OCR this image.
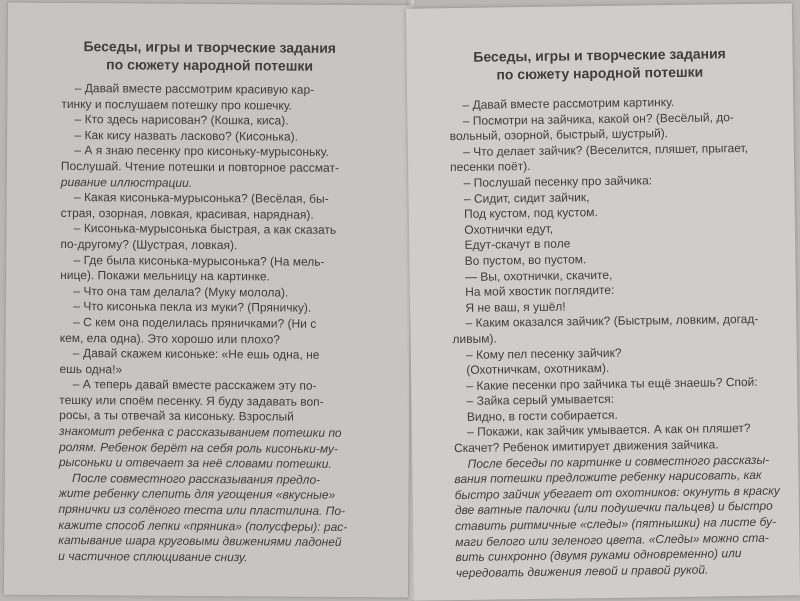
Беседы, игры и творческие задания
по сюжету народной потешки

– Давай вместе рассмотрим красивую кар-
тинку и послушаем потешку про кошечку.
– Кто здесь нарисован? (Кошка, киса).
– Как кису назвать ласково? (Кисонька).
– А я знаю песенку про кисоньку-мурысоньку.
Послушай. Чтение потешки и повторное рассмат-
ривание иллюстрации.
– Какая кисонька-мурысонька? (Весёлая, бы-
страя, озорная, ловкая, красивая, нарядная).
– Кисонька-мурысонька быстрая, а как сказать
по-другому? (Шустрая, ловкая).
– Где была кисонька-мурысонька? (На мель-
нице). Покажи мельницу на картинке.
– Что она там делала? (Муку молола).
– Что кисонька пекла из муки? (Пряничку).
– С кем она поделилась пряничками? (Ни с
кем, ела одна). Это хорошо или плохо?
– Давай скажем кисоньке: «Не ешь одна, не
ешь одна!»
– А теперь давай вместе расскажем эту по-
тешку или споём песенку. Я буду задавать воп-
росы, а ты отвечай за кисоньку. Взрослый
знакомит ребенка с рассказыванием потешки по
ролям. Ребенок берёт на себя роль кисоньки-му-
рысоньки и отвечает за неё словами потешки.
После совместного рассказывания предло-
жите ребенку слепить для угощения «вкусные»
прянички из солёного теста или пластилина. По-
кажите способ лепки «пряника» (полусферы): рас-
катывание шара круговыми движениями ладоней
и частичное сплющивание снизу.

Беседы, игры и творческие задания
по сюжету народной потешки

– Давай вместе рассмотрим картинку.
– Посмотри на зайчика, какой он? (Весёлый, до-
вольный, озорной, быстрый, шустрый).
– Что делает зайчик? (Веселится, пляшет, прыгает,
песенки поёт).
– Послушай песенку про зайчика:
– Сидит, сидит зайчик,
Под кустом, под кустом.
Охотнички едут,
Едут-скачут в поле
Во пустом, во пустом.
— Вы, охотнички, скачите,
На мой хвостик поглядите:
Я не ваш, я ушёл!
– Каким оказался зайчик? (Быстрым, ловким, догад-
ливым).
– Кому пел песенку зайчик?
(Охотничкам, охотникам).
– Какие песенки про зайчика ты ещё знаешь? Спой:
– Зайка серый умывается:
Видно, в гости собирается.
– Покажи, как зайчик умывается. А как он пляшет?
Скачет? Ребенок имитирует движения зайчика.
После беседы по картинке и совместного рассказы-
вания потешки предложите ребенку нарисовать, как
быстро зайчик убегает от охотников: окунуть в краску
две ватные палочки (или подушечки пальцев) и быстро
ставить ритмичные «следы» (пятнышки) на листе бу-
маги белого или зеленого цвета. «Следы» можно ста-
вить синхронно (двумя руками одновременно) или
чередовать движения левой и правой рукой.
